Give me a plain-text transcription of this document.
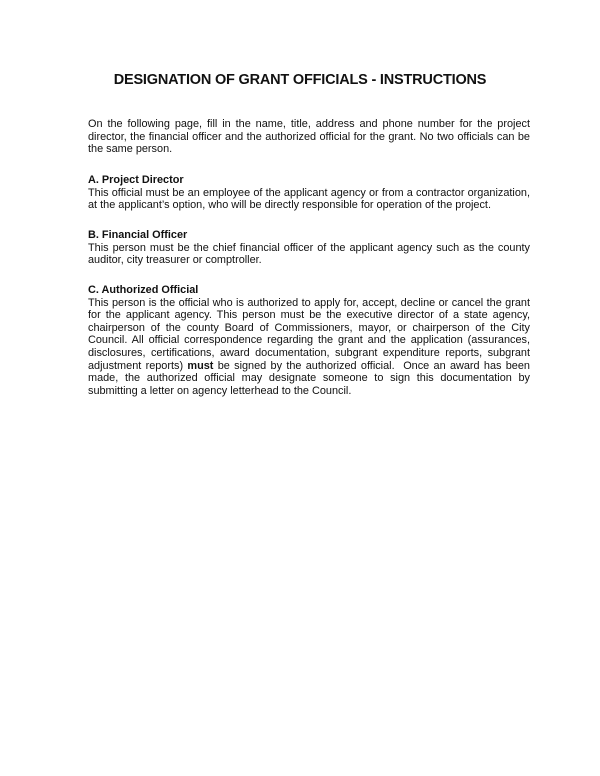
DESIGNATION OF GRANT OFFICIALS - INSTRUCTIONS
On the following page, fill in the name, title, address and phone number for the project
director, the financial officer and the authorized official for the grant. No two officials can be
the same person.
A. Project Director
This official must be an employee of the applicant agency or from a contractor organization,
at the applicant’s option, who will be directly responsible for operation of the project.
B. Financial Officer
This person must be the chief financial officer of the applicant agency such as the county
auditor, city treasurer or comptroller.
C. Authorized Official
This person is the official who is authorized to apply for, accept, decline or cancel the grant
for the applicant agency. This person must be the executive director of a state agency,
chairperson of the county Board of Commissioners, mayor, or chairperson of the City
Council. All official correspondence regarding the grant and the application (assurances,
disclosures, certifications, award documentation, subgrant expenditure reports, subgrant
adjustment reports) must be signed by the authorized official.  Once an award has been
made, the authorized official may designate someone to sign this documentation by
submitting a letter on agency letterhead to the Council.
